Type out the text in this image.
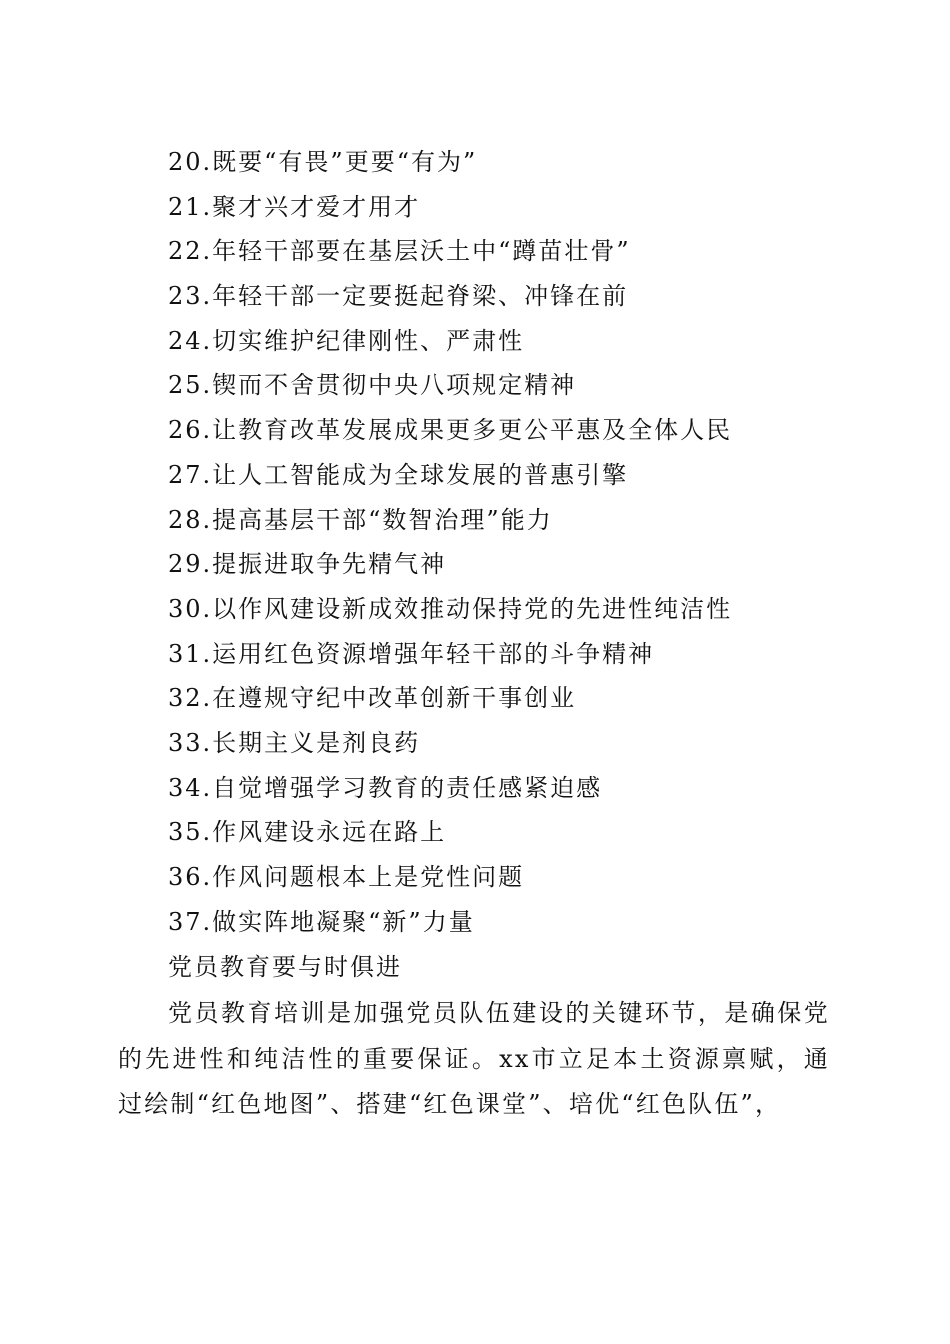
20.既要“有畏”更要“有为”
21.聚才兴才爱才用才
22.年轻干部要在基层沃土中“蹲苗壮骨”
23.年轻干部一定要挺起脊梁、冲锋在前
24.切实维护纪律刚性、严肃性
25.锲而不舍贯彻中央八项规定精神
26.让教育改革发展成果更多更公平惠及全体人民
27.让人工智能成为全球发展的普惠引擎
28.提高基层干部“数智治理”能力
29.提振进取争先精气神
30.以作风建设新成效推动保持党的先进性纯洁性
31.运用红色资源增强年轻干部的斗争精神
32.在遵规守纪中改革创新干事创业
33.长期主义是剂良药
34.自觉增强学习教育的责任感紧迫感
35.作风建设永远在路上
36.作风问题根本上是党性问题
37.做实阵地凝聚“新”力量
党员教育要与时俱进

党员教育培训是加强党员队伍建设的关键环节，是确保党的先进性和纯洁性的重要保证。xx市立足本土资源禀赋，通过绘制“红色地图”、搭建“红色课堂”、培优“红色队伍”，
